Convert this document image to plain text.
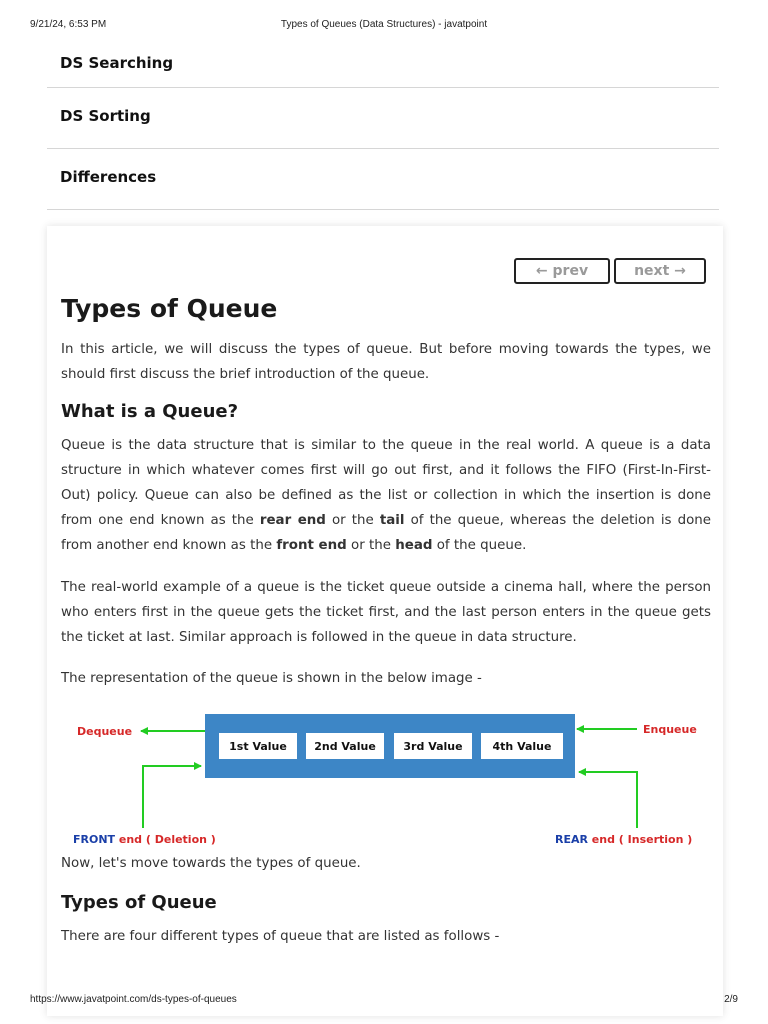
9/21/24, 6:53 PM	Types of Queues (Data Structures) - javatpoint
DS Searching
DS Sorting
Differences
← prev	next →
Types of Queue

In this article, we will discuss the types of queue. But before moving towards the types, we should first discuss the brief introduction of the queue.

What is a Queue?

Queue is the data structure that is similar to the queue in the real world. A queue is a data structure in which whatever comes first will go out first, and it follows the FIFO (First-In-First-Out) policy. Queue can also be defined as the list or collection in which the insertion is done from one end known as the rear end or the tail of the queue, whereas the deletion is done from another end known as the front end or the head of the queue.

The real-world example of a queue is the ticket queue outside a cinema hall, where the person who enters first in the queue gets the ticket first, and the last person enters in the queue gets the ticket at last. Similar approach is followed in the queue in data structure.

The representation of the queue is shown in the below image -

1st Value 2nd Value	3rd Value	4th Value
Dequeue	Enqueue
FRONT end ( Deletion )	REAR end ( Insertion )

Now, let's move towards the types of queue.

Types of Queue

There are four different types of queue that are listed as follows -

https://www.javatpoint.com/ds-types-of-queues	2/9
